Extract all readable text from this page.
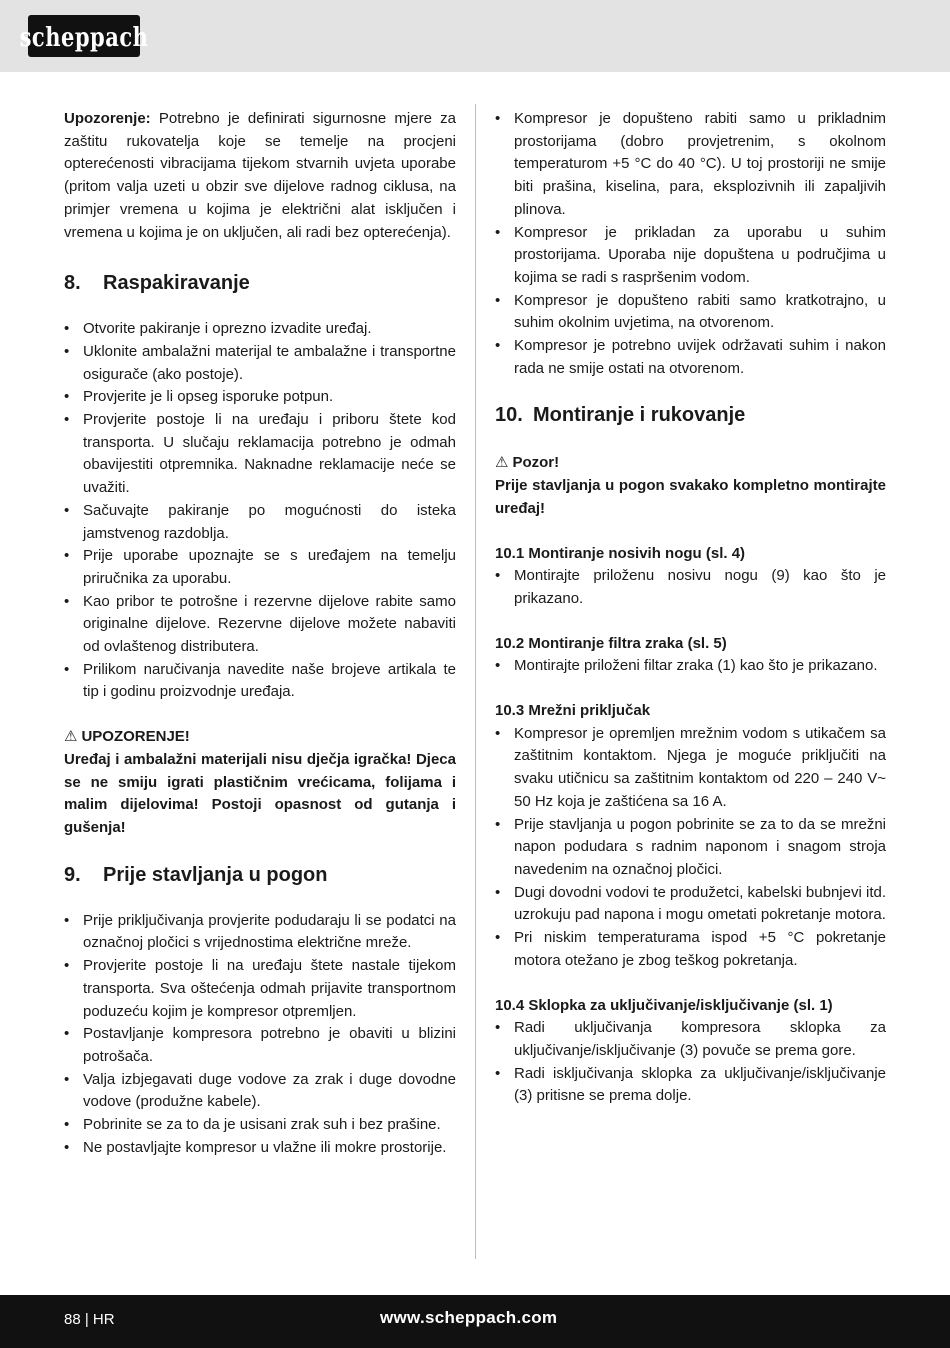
scheppach

Upozorenje: Potrebno je definirati sigurnosne mjere za zaštitu rukovatelja koje se temelje na procjeni opterećenosti vibracijama tijekom stvarnih uvjeta uporabe (pritom valja uzeti u obzir sve dijelove radnog ciklusa, na primjer vremena u kojima je električni alat isključen i vremena u kojima je on uključen, ali radi bez opterećenja).

8.	Raspakiravanje
• Otvorite pakiranje i oprezno izvadite uređaj.
• Uklonite ambalažni materijal te ambalažne i transportne osigurače (ako postoje).
• Provjerite je li opseg isporuke potpun.
• Provjerite postoje li na uređaju i priboru štete kod transporta. U slučaju reklamacija potrebno je odmah obavijestiti otpremnika. Naknadne reklamacije neće se uvažiti.
• Sačuvajte pakiranje po mogućnosti do isteka jamstvenog razdoblja.
• Prije uporabe upoznajte se s uređajem na temelju priručnika za uporabu.
• Kao pribor te potrošne i rezervne dijelove rabite samo originalne dijelove. Rezervne dijelove možete nabaviti od ovlaštenog distributera.
• Prilikom naručivanja navedite naše brojeve artikala te tip i godinu proizvodnje uređaja.

⚠ UPOZORENJE!

Uređaj i ambalažni materijali nisu dječja igračka! Djeca se ne smiju igrati plastičnim vrećicama, folijama i malim dijelovima! Postoji opasnost od gutanja i gušenja!

9.	Prije stavljanja u pogon
• Prije priključivanja provjerite podudaraju li se podatci na označnoj pločici s vrijednostima električne mreže.
• Provjerite postoje li na uređaju štete nastale tijekom transporta. Sva oštećenja odmah prijavite transportnom poduzeću kojim je kompresor otpremljen.
• Postavljanje kompresora potrebno je obaviti u blizini potrošača.
• Valja izbjegavati duge vodove za zrak i duge dovodne vodove (produžne kabele).
• Pobrinite se za to da je usisani zrak suh i bez prašine.
• Ne postavljajte kompresor u vlažne ili mokre prostorije.
• Kompresor je dopušteno rabiti samo u prikladnim prostorijama (dobro provjetrenim, s okolnom temperaturom +5 °C do 40 °C). U toj prostoriji ne smije biti prašina, kiselina, para, eksplozivnih ili zapaljivih plinova.
• Kompresor je prikladan za uporabu u suhim prostorijama. Uporaba nije dopuštena u područjima u kojima se radi s raspršenim vodom.
• Kompresor je dopušteno rabiti samo kratkotrajno, u suhim okolnim uvjetima, na otvorenom.
• Kompresor je potrebno uvijek održavati suhim i nakon rada ne smije ostati na otvorenom.
10. Montiranje i rukovanje

⚠ Pozor!

Prije stavljanja u pogon svakako kompletno montirajte uređaj!

10.1 Montiranje nosivih nogu (sl. 4)
• Montirajte priloženu nosivu nogu (9) kao što je prikazano.
10.2 Montiranje filtra zraka (sl. 5)
• Montirajte priloženi filtar zraka (1) kao što je prikazano.
10.3 Mrežni priključak
• Kompresor je opremljen mrežnim vodom s utikačem sa zaštitnim kontaktom. Njega je moguće priključiti na svaku utičnicu sa zaštitnim kontaktom od 220 – 240 V~ 50 Hz koja je zaštićena sa 16 A.
• Prije stavljanja u pogon pobrinite se za to da se mrežni napon podudara s radnim naponom i snagom stroja navedenim na označnoj pločici.
• Dugi dovodni vodovi te produžetci, kabelski bubnjevi itd. uzrokuju pad napona i mogu ometati pokretanje motora.
• Pri niskim temperaturama ispod +5 °C pokretanje motora otežano je zbog teškog pokretanja.
10.4 Sklopka za uključivanje/isključivanje (sl. 1)
• Radi uključivanja kompresora sklopka za uključivanje/isključivanje (3) povuče se prema gore.
• Radi isključivanja sklopka za uključivanje/isključivanje (3) pritisne se prema dolje.
88 | HR	www.scheppach.com
